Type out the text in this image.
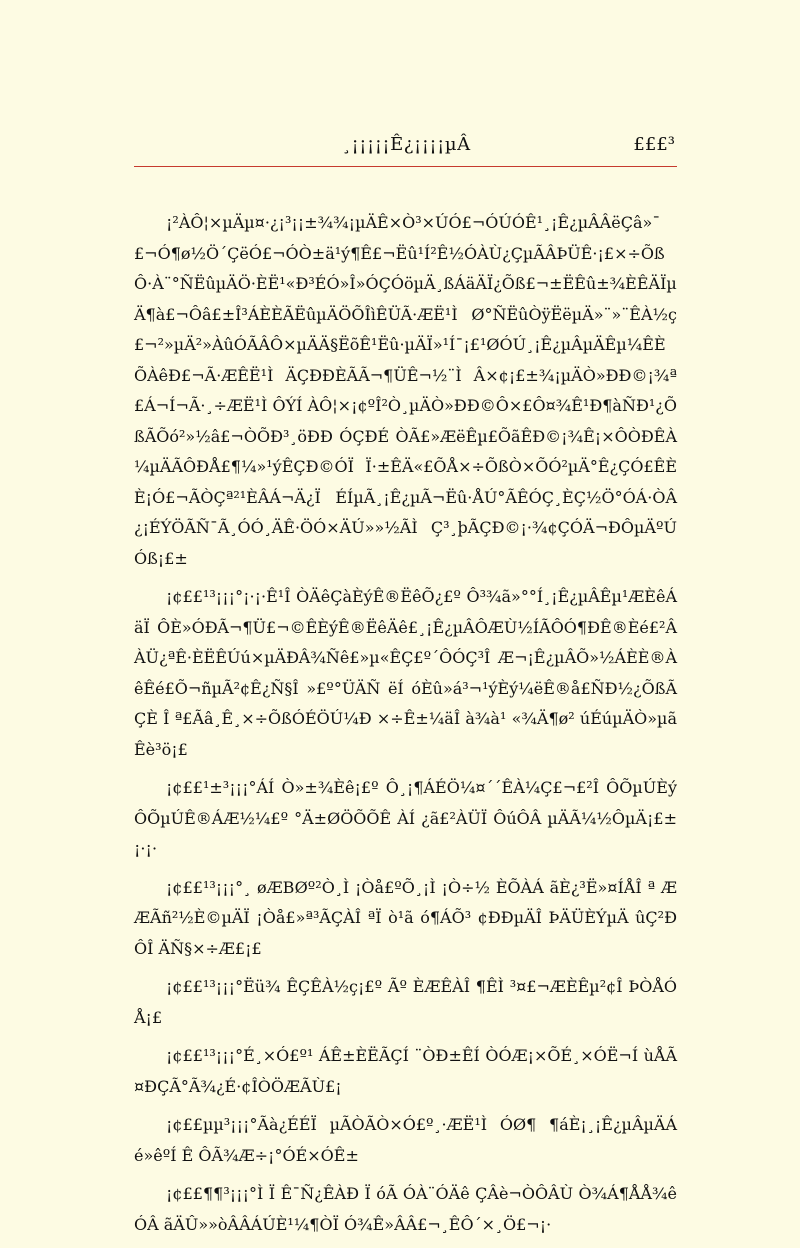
¸¡¡¡¡¡Ê¿¡¡¡¡µÂ	£££³

¡²ÀÔ¦×µÄµ¤·¿¡³¡¡±¾¾¡µÄÊ×Ò³×ÚÓ£¬ÓÚÓÊ¹¸¡Ê¿µÂÂëÇâ»¯£¬Ó¶ø½Ö´ÇëÓ£¬ÓÒ±ä¹ý¶Ê£¬Ëû¹Í²Ê½ÓÀÙ¿ÇµÃÂÞÜÊ·¡£×÷ÕßÔ·À¨°ÑËûµÄÖ·ÈË¹«Ð³ÉÓ»Î»ÓÇÓöµÄ¸ßÁäÄÏ¿Õß£¬±ËÊû±¾ÈÊÄÏµÄ¶à£¬Ôâ£±Î³ÁÈÈÃËûµÄÖÕÎìÊÜÃ·ÆË¹Ì Ø°ÑËûÒÿËëµÄ»¨»¨ÊÀ½ç£¬²»µÄ²»ÀûÓÃÂÔ×µÄÄ§ËõÊ¹Ëû·µÄÏ»¹Í¯¡£¹ØÓÚ¸¡Ê¿µÂµÄÊµ¼ÊÈÕÀêÐ£¬Ã·ÆÊË¹Ì ÄÇÐÐÈÃÃ¬¶ÜÊ¬½¨Ì Â×¢¡£±¾¡µÄÒ»ÐÐ©¡¾ª£Á¬Í¬Ã·¸÷ÆË¹Ì ÔÝÍ ÀÔ¦×¡¢ºÎ²Ò¸µÄÒ»ÐÐ©Ô×£Ô¤¾Ê¹Ð¶àÑÐ¹¿ÕßÃÕó²»½â£¬ÒÕÐ³¸öÐÐ ÓÇÐÉ ÒÃ£»ÆëÊµ£ÕãÊÐ©¡¾Ê¡×ÔÒÐÊÀ¼µÄÃÔÐÅ£¶¼»¹ýÊÇÐ©ÓÏ Ï·±ÊÄ«£ÕÅ×÷ÕßÒ×ÕÓ²µÄ°Ê¿ÇÓ£ÊÈÈ¡Ó£¬ÃÒÇª²¹ÈÂÁ¬Ä¿Ï ÉÍµÃ¸¡Ê¿µÃ¬Ëû·ÅÚ°ÃÊÓÇ¸ÈÇ½Ö°ÓÁ·ÒÂ¿¡ÉÝÖÃÑ¯Ã¸ÓÓ¸ÄÊ·ÖÓ×ÄÚ»»½ÃÌ Ç³¸þÃÇÐ©¡·¾¢ÇÓÄ¬ÐÔµÄºÚÓß¡£±

¡¢££¹³¡¡¡°¡·¡·Ê¹Î ÒÄêÇàÈýÊ®ËêÕ¿£º Ô³¾ã»°°Í¸¡Ê¿µÂÊµ¹ÆÈêÁäÏ ÔÈ»ÓÐÃ¬¶Ü£¬©ÊÈýÊ®ËêÄê£¸¡Ê¿µÂÔÆÙ½ÍÃÔÓ¶ÐÊ®Èé£²ÂÀÜ¿ªÊ·ÈËÊÚú×µÄÐÂ¾Ñê£»µ«ÊÇ£º´ÔÓÇ³Î Æ¬¡Ê¿µÂÕ»½ÁÈÈ®ÀêÊé£Õ¬ñµÃ²¢Ê¿Ñ§Î »£º°ÜÄÑ ëÍ óÈû»á³¬¹ýÈý¼ëÊ®å£ÑÐ½¿ÕßÃÇÈ Î ª£Ãâ¸Ê¸×÷ÕßÓÉÖÚ¼Ð ×÷Ê±¼äÎ à¾à¹ «¾Ä¶ø² úÉúµÄÒ»µãÊè³ö¡£

¡¢££¹±³¡¡¡°ÁÍ Ò»±¾Èê¡£º Ô¸¡¶ÁÉÖ¼¤´´ÊÀ¼Ç£¬£²Î ÔÕµÚÈýÔÕµÚÊ®ÁÆ½¼£º °Ä±ØÖÕÕÊ ÀÍ ¿ã£²ÀÜÏ ÔúÔÂ µÄÃ¼½ÔµÄ¡£±¡·¡·

¡¢££¹³¡¡¡°¸ øÆBØº²Ò¸Ì ¡Òå£ºÕ¸¡Ì ¡Ò÷½ ÈÕÀÁ ãÈ¿³Ë»¤ÍÅÎ ª ÆÆÃñ²½È©µÄÏ ¡Òå£»ª³ÃÇÀÎ ªÏ ò¹ã ó¶ÁÕ³ ¢ÐÐµÄÎ ÞÄÜÈÝµÄ ûÇ²ÐÔÎ ÄÑ§×÷Æ£¡£

¡¢££¹³¡¡¡°Ëü¾ ÊÇÊÀ½ç¡£º Ãº ÈÆÊÀÎ ¶ÊÌ ³¤£¬ÆÈÊµ²¢Î ÞÒÅÓÅ¡£

¡¢££¹³¡¡¡°É¸×Ó£º¹ ÁÊ±ÈËÃÇÍ ¨ÒÐ±ÊÍ ÒÓÆ¡×ÕÉ¸×ÓË¬Í ùÅÃ¤ÐÇÃ°Ã¾¿É·¢ÎÒÖÆÃÙ£¡

¡¢££µµ³¡¡¡°Ãà¿ÉÉÏ µÃÒÃÒ×Ó£º¸·ÆË¹Ì ÓØ¶ ¶áÈ¡¸¡Ê¿µÂµÄÁé»êºÍ Ê ÔÃ¾Æ÷¡°ÓÉ×ÓÊ±

¡¢££¶¶³¡¡¡°Ì Ï Ê¯Ñ¿ÊÀÐ Ï óÃ ÓÀ¨ÓÄê ÇÂè¬ÒÔÂÙ Ò¾Á¶ÅÅ¾êÓÂ ãÄÛ»»òÂÂÁÚÈ¹¼¶ÒÏ Ó¾Ê»ÂÂ£¬¸ÊÔ´×¸Ö£¬¡·
